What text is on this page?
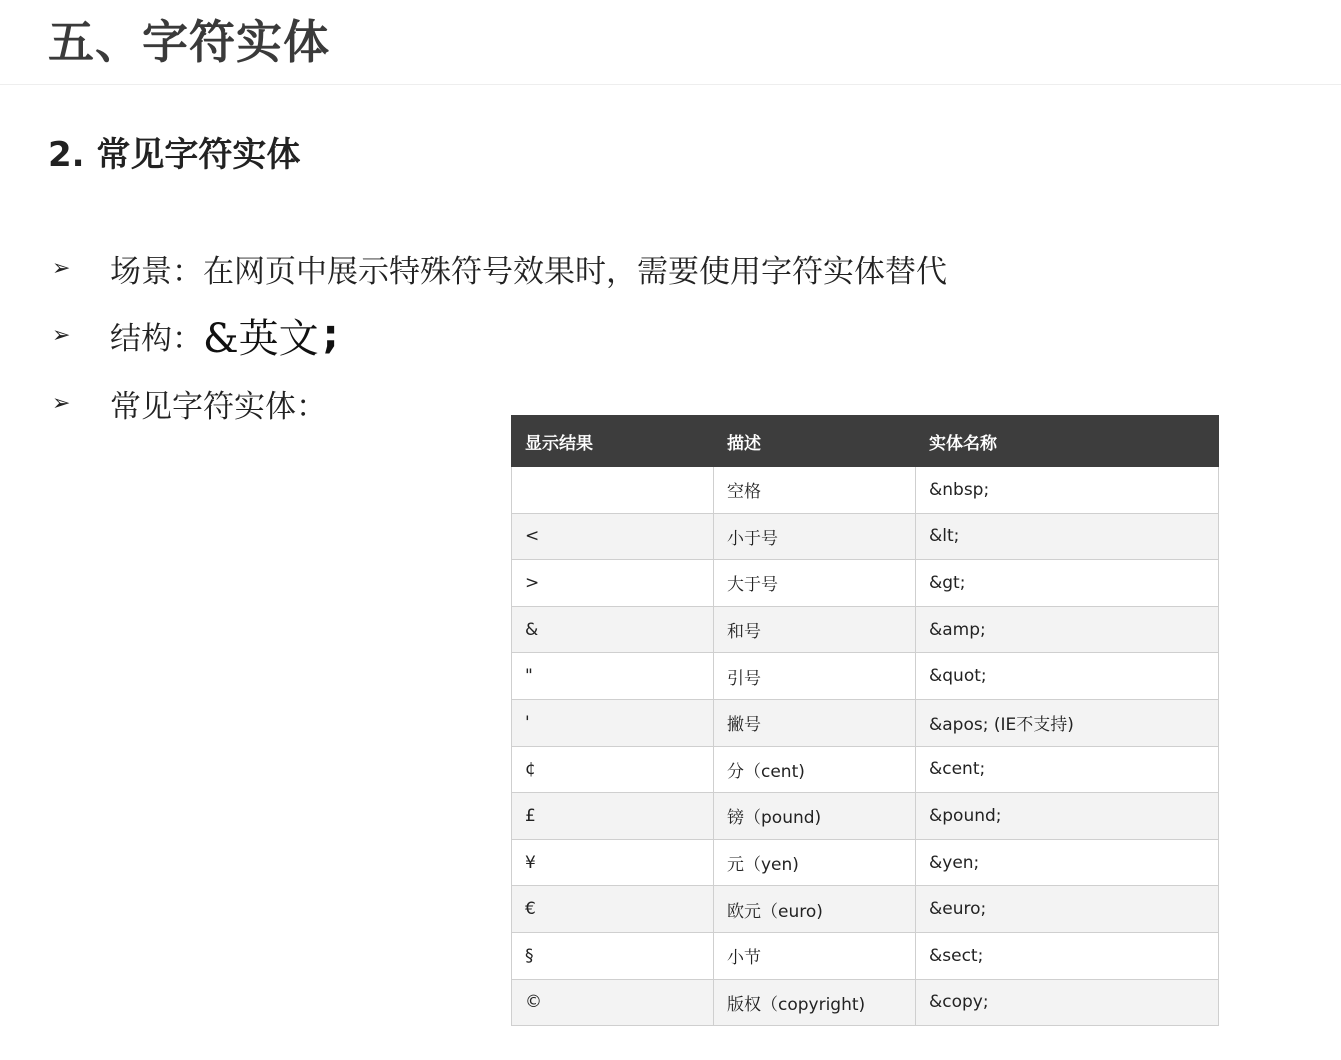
五、字符实体
2. 常见字符实体
➢	场景：在网页中展示特殊符号效果时，需要使用字符实体替代
➢	结构： &英文 ;
➢	常见字符实体：
显示结果	描述	实体名称
	空格	&nbsp;
<	小于号	&lt;
>	大于号	&gt;
&	和号	&amp;
"	引号	&quot;
'	撇号	&apos; (IE不支持)
¢	分（cent)	&cent;
£	镑（pound)	&pound;
¥	元（yen)	&yen;
€	欧元（euro)	&euro;
§	小节	&sect;
©	版权（copyright)	&copy;
